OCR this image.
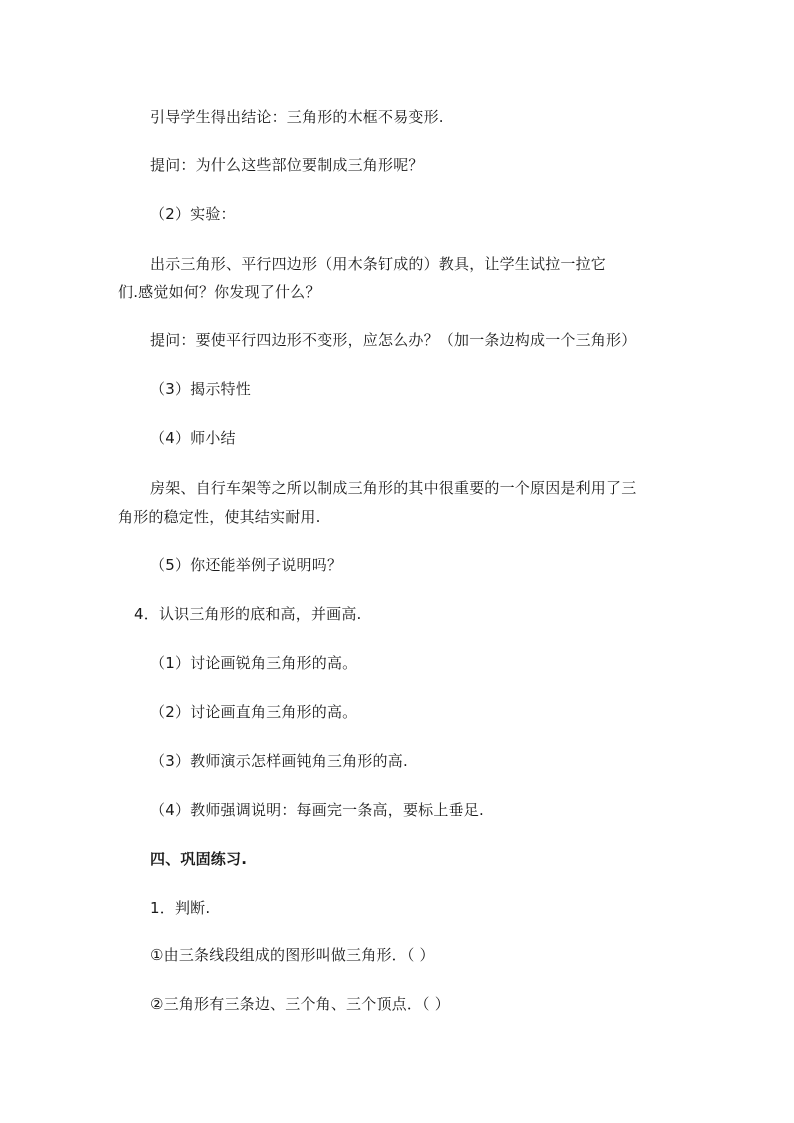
引导学生得出结论：三角形的木框不易变形.
提问：为什么这些部位要制成三角形呢？
（2）实验：
出示三角形、平行四边形（用木条钉成的）教具，让学生试拉一拉它
们.感觉如何？你发现了什么？
提问：要使平行四边形不变形，应怎么办？（加一条边构成一个三角形）
（3）揭示特性
（4）师小结
房架、自行车架等之所以制成三角形的其中很重要的一个原因是利用了三
角形的稳定性，使其结实耐用.
（5）你还能举例子说明吗？
4．认识三角形的底和高，并画高.
（1）讨论画锐角三角形的高。
（2）讨论画直角三角形的高。
（3）教师演示怎样画钝角三角形的高.
（4）教师强调说明：每画完一条高，要标上垂足.
四、巩固练习.
1．判断.
①由三条线段组成的图形叫做三角形．（ ）
②三角形有三条边、三个角、三个顶点．（ ）
